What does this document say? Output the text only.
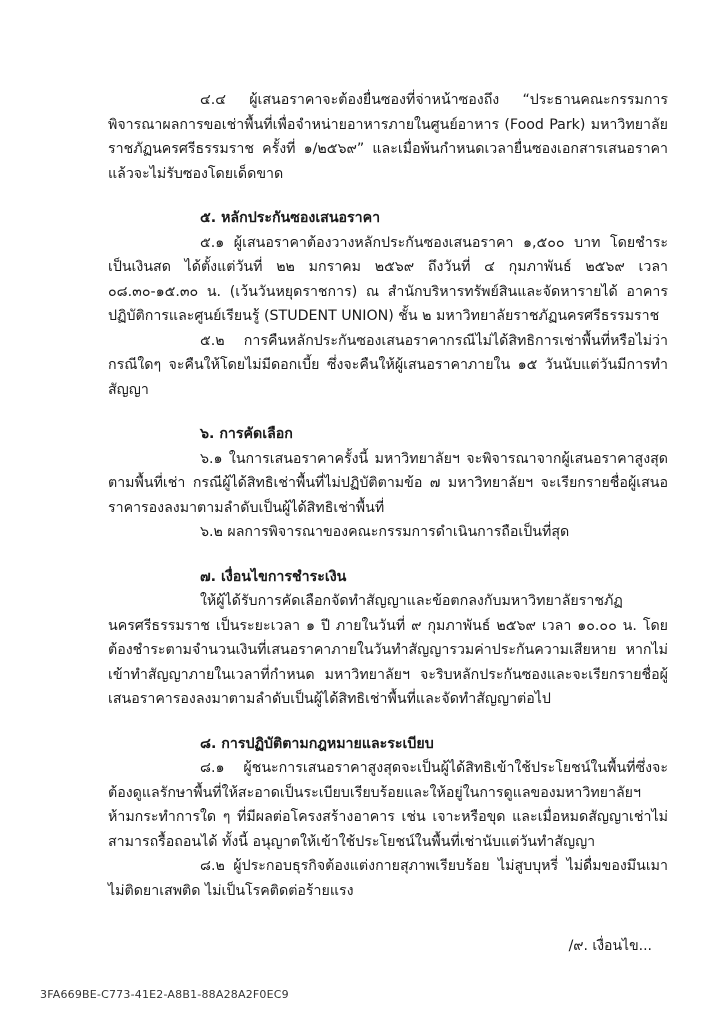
๔.๔ ผู้เสนอราคาจะต้องยื่นซองที่จ่าหน้าซองถึง “ประธานคณะกรรมการพิจารณาผลการขอเช่าพื้นที่เพื่อจำหน่ายอาหารภายในศูนย์อาหาร (Food Park) มหาวิทยาลัยราชภัฏนครศรีธรรมราช ครั้งที่ ๑/๒๕๖๙” และเมื่อพ้นกำหนดเวลายื่นซองเอกสารเสนอราคาแล้วจะไม่รับซองโดยเด็ดขาด

๕. หลักประกันซองเสนอราคา

๕.๑ ผู้เสนอราคาต้องวางหลักประกันซองเสนอราคา ๑,๕๐๐ บาท โดยชำระเป็นเงินสด ได้ตั้งแต่วันที่ ๒๒ มกราคม ๒๕๖๙ ถึงวันที่ ๔ กุมภาพันธ์ ๒๕๖๙ เวลา ๐๘.๓๐-๑๕.๓๐ น. (เว้นวันหยุดราชการ) ณ สำนักบริหารทรัพย์สินและจัดหารายได้ อาคารปฏิบัติการและศูนย์เรียนรู้ (STUDENT UNION) ชั้น ๒ มหาวิทยาลัยราชภัฏนครศรีธรรมราช

๕.๒ การคืนหลักประกันซองเสนอราคากรณีไม่ได้สิทธิการเช่าพื้นที่หรือไม่ว่ากรณีใดๆ จะคืนให้โดยไม่มีดอกเบี้ย ซึ่งจะคืนให้ผู้เสนอราคาภายใน ๑๕ วันนับแต่วันมีการทำสัญญา

๖. การคัดเลือก

๖.๑ ในการเสนอราคาครั้งนี้ มหาวิทยาลัยฯ จะพิจารณาจากผู้เสนอราคาสูงสุดตามพื้นที่เช่า กรณีผู้ได้สิทธิเช่าพื้นที่ไม่ปฏิบัติตามข้อ ๗ มหาวิทยาลัยฯ จะเรียกรายชื่อผู้เสนอราคารองลงมาตามลำดับเป็นผู้ได้สิทธิเช่าพื้นที่

๖.๒ ผลการพิจารณาของคณะกรรมการดำเนินการถือเป็นที่สุด

๗. เงื่อนไขการชำระเงิน

ให้ผู้ได้รับการคัดเลือกจัดทำสัญญาและข้อตกลงกับมหาวิทยาลัยราชภัฏนครศรีธรรมราช เป็นระยะเวลา ๑ ปี ภายในวันที่ ๙ กุมภาพันธ์ ๒๕๖๙ เวลา ๑๐.๐๐ น. โดยต้องชำระตามจำนวนเงินที่เสนอราคาภายในวันทำสัญญารวมค่าประกันความเสียหาย หากไม่เข้าทำสัญญาภายในเวลาที่กำหนด มหาวิทยาลัยฯ จะริบหลักประกันซองและจะเรียกรายชื่อผู้เสนอราคารองลงมาตามลำดับเป็นผู้ได้สิทธิเช่าพื้นที่และจัดทำสัญญาต่อไป

๘. การปฏิบัติตามกฎหมายและระเบียบ

๘.๑ ผู้ชนะการเสนอราคาสูงสุดจะเป็นผู้ได้สิทธิเข้าใช้ประโยชน์ในพื้นที่ซึ่งจะต้องดูแลรักษาพื้นที่ให้สะอาดเป็นระเบียบเรียบร้อยและให้อยู่ในการดูแลของมหาวิทยาลัยฯ ห้ามกระทำการใด ๆ ที่มีผลต่อโครงสร้างอาคาร เช่น เจาะหรือขุด และเมื่อหมดสัญญาเช่าไม่สามารถรื้อถอนได้ ทั้งนี้ อนุญาตให้เข้าใช้ประโยชน์ในพื้นที่เช่านับแต่วันทำสัญญา

๘.๒ ผู้ประกอบธุรกิจต้องแต่งกายสุภาพเรียบร้อย ไม่สูบบุหรี่ ไม่ดื่มของมึนเมา ไม่ติดยาเสพติด ไม่เป็นโรคติดต่อร้ายแรง

/๙. เงื่อนไข...
3FA669BE-C773-41E2-A8B1-88A28A2F0EC9
